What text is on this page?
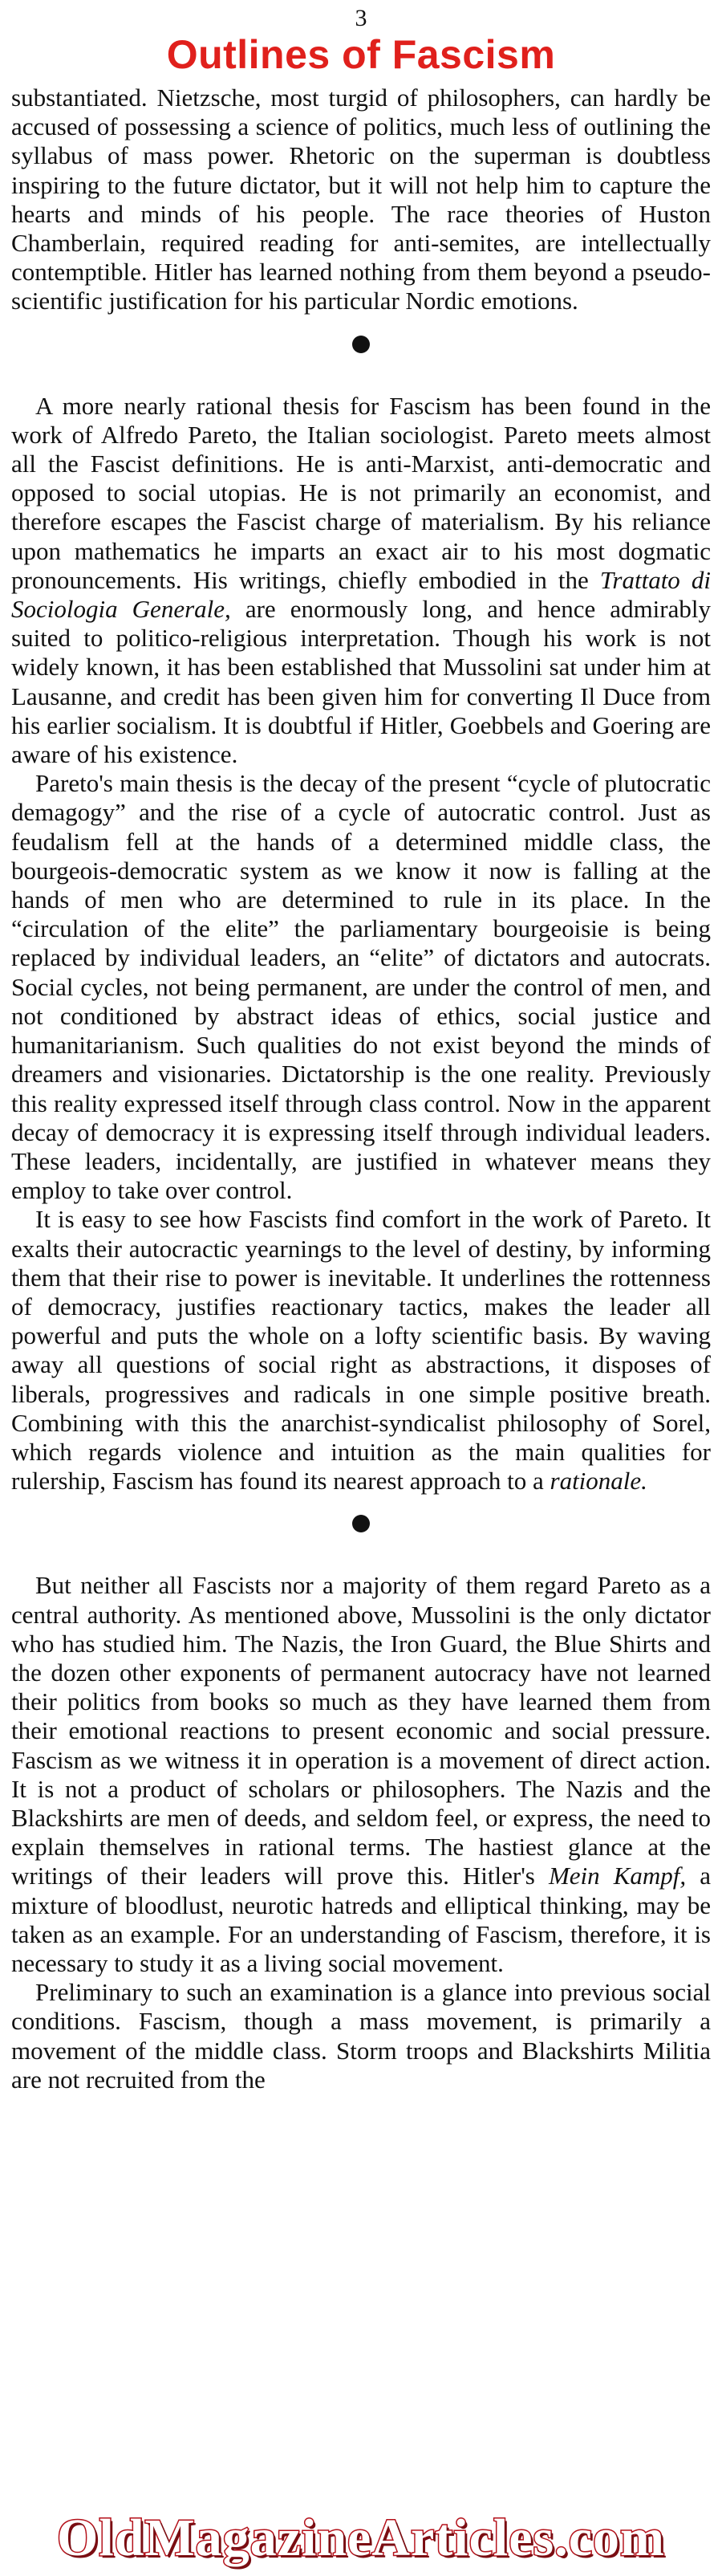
3
Outlines of Fascism

substantiated. Nietzsche, most turgid of philosophers, can hardly be accused of possessing a science of politics, much less of outlining the syllabus of mass power. Rhetoric on the superman is doubtless inspiring to the future dictator, but it will not help him to capture the hearts and minds of his people. The race theories of Huston Chamberlain, required reading for anti-semites, are intellectually contemptible. Hitler has learned nothing from them beyond a pseudo-scientific justification for his particular Nordic emotions.

A more nearly rational thesis for Fascism has been found in the work of Alfredo Pareto, the Italian sociologist. Pareto meets almost all the Fascist definitions. He is anti-Marxist, anti-democratic and opposed to social utopias. He is not primarily an economist, and therefore escapes the Fascist charge of materialism. By his reliance upon mathematics he imparts an exact air to his most dogmatic pronouncements. His writings, chiefly embodied in the Trattato di Sociologia Generale, are enormously long, and hence admirably suited to politico-religious interpretation. Though his work is not widely known, it has been established that Mussolini sat under him at Lausanne, and credit has been given him for converting Il Duce from his earlier socialism. It is doubtful if Hitler, Goebbels and Goering are aware of his existence.

Pareto's main thesis is the decay of the present “cycle of plutocratic demagogy” and the rise of a cycle of autocratic control. Just as feudalism fell at the hands of a determined middle class, the bourgeois-democratic system as we know it now is falling at the hands of men who are determined to rule in its place. In the “circulation of the elite” the parliamentary bourgeoisie is being replaced by individual leaders, an “elite” of dictators and autocrats. Social cycles, not being permanent, are under the control of men, and not conditioned by abstract ideas of ethics, social justice and humanitarianism. Such qualities do not exist beyond the minds of dreamers and visionaries. Dictatorship is the one reality. Previously this reality expressed itself through class control. Now in the apparent decay of democracy it is expressing itself through individual leaders. These leaders, incidentally, are justified in whatever means they employ to take over control.

It is easy to see how Fascists find comfort in the work of Pareto. It exalts their autocractic yearnings to the level of destiny, by informing them that their rise to power is inevitable. It underlines the rottenness of democracy, justifies reactionary tactics, makes the leader all powerful and puts the whole on a lofty scientific basis. By waving away all questions of social right as abstractions, it disposes of liberals, progressives and radicals in one simple positive breath. Combining with this the anarchist-syndicalist philosophy of Sorel, which regards violence and intuition as the main qualities for rulership, Fascism has found its nearest approach to a rationale.

But neither all Fascists nor a majority of them regard Pareto as a central authority. As mentioned above, Mussolini is the only dictator who has studied him. The Nazis, the Iron Guard, the Blue Shirts and the dozen other exponents of permanent autocracy have not learned their politics from books so much as they have learned them from their emotional reactions to present economic and social pressure. Fascism as we witness it in operation is a movement of direct action. It is not a product of scholars or philosophers. The Nazis and the Blackshirts are men of deeds, and seldom feel, or express, the need to explain themselves in rational terms. The hastiest glance at the writings of their leaders will prove this. Hitler's Mein Kampf, a mixture of bloodlust, neurotic hatreds and elliptical thinking, may be taken as an example. For an understanding of Fascism, therefore, it is necessary to study it as a living social movement.

Preliminary to such an examination is a glance into previous social conditions. Fascism, though a mass movement, is primarily a movement of the middle class. Storm troops and Blackshirts Militia are not recruited from the

OldMagazineArticles.com
